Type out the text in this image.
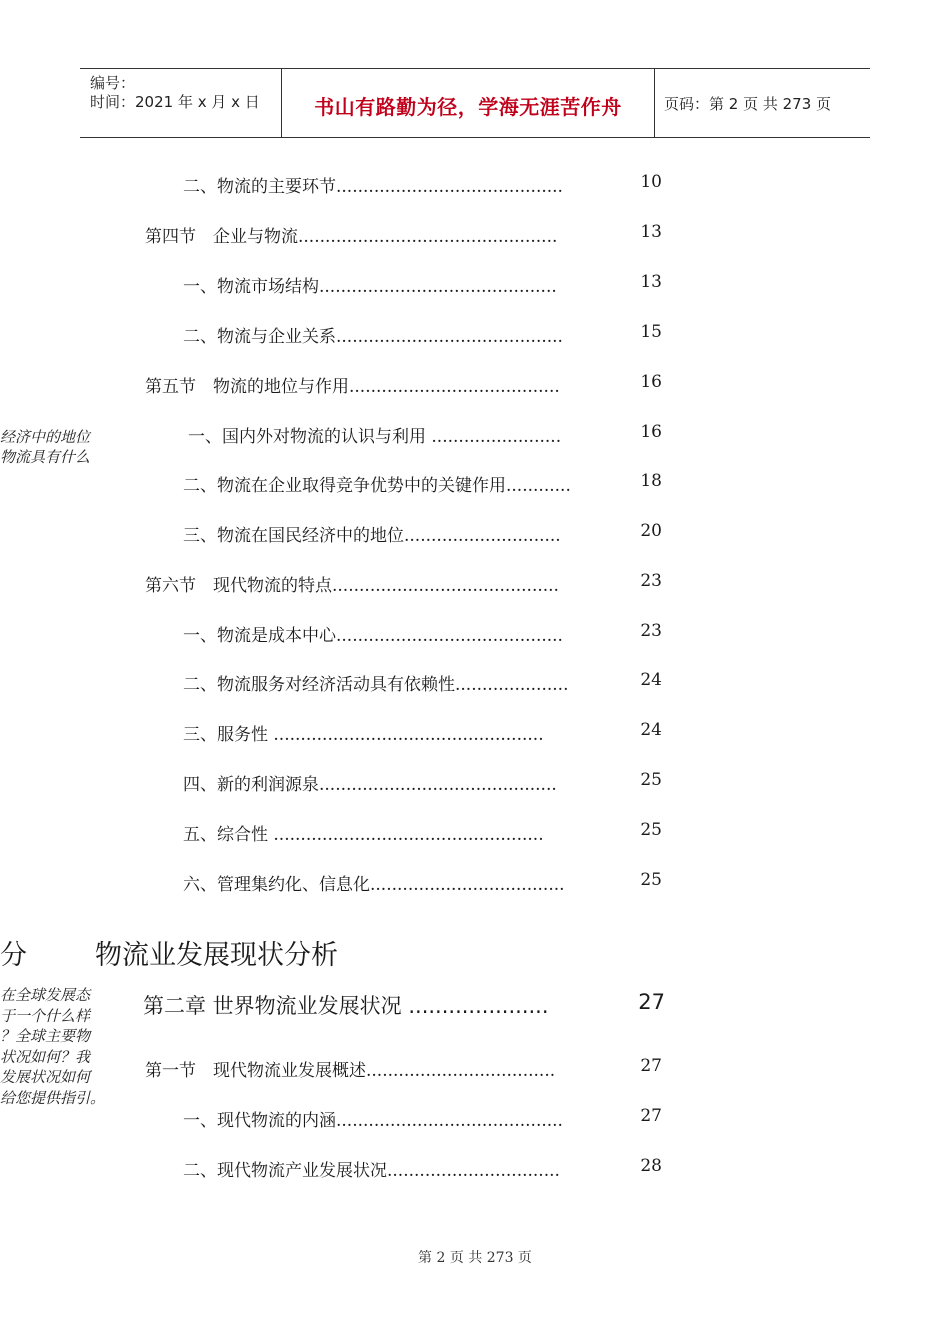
编号：
时间：2021 年 x 月 x 日	书山有路勤为径，学海无涯苦作舟	页码：第 2 页 共 273 页
二、物流的主要环节..........................................	10
第四节　企业与物流................................................	13
一、物流市场结构............................................	13
二、物流与企业关系..........................................	15
第五节　物流的地位与作用.......................................	16
一、国内外对物流的认识与利用 ........................	16
二、物流在企业取得竞争优势中的关键作用............	18
三、物流在国民经济中的地位.............................	20
第六节　现代物流的特点..........................................	23
一、物流是成本中心..........................................	23
二、物流服务对经济活动具有依赖性.....................	24
三、服务性 ..................................................	24
四、新的利润源泉............................................	25
五、综合性 ..................................................	25
六、管理集约化、信息化....................................	25
经济中的地位
物流具有什么
分	物流业发展现状分析
在全球发展态
于一个什么样
？全球主要物
状况如何？我
发展状况如何
给您提供指引。
第二章 世界物流业发展状况 .....................	27
第一节　现代物流业发展概述...................................	27
一、现代物流的内涵..........................................	27
二、现代物流产业发展状况................................	28
第 2 页 共 273 页
